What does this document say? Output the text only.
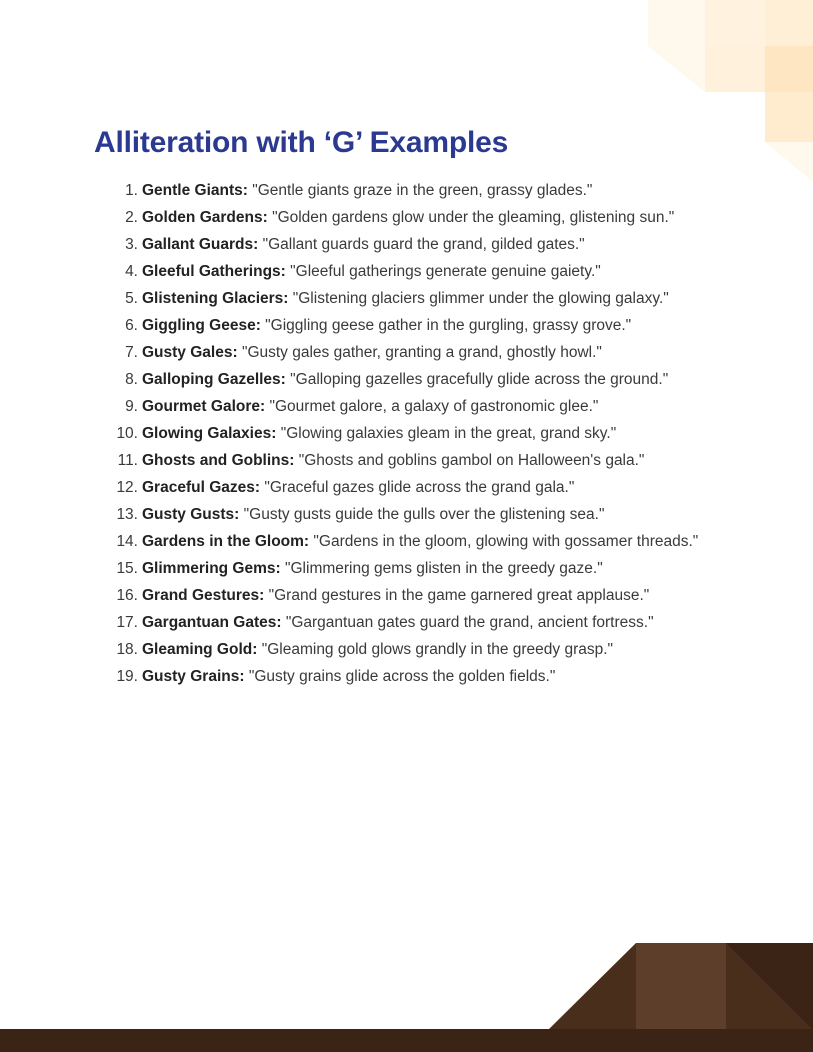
Alliteration with ‘G’ Examples
1. Gentle Giants: "Gentle giants graze in the green, grassy glades."
2. Golden Gardens: "Golden gardens glow under the gleaming, glistening sun."
3. Gallant Guards: "Gallant guards guard the grand, gilded gates."
4. Gleeful Gatherings: "Gleeful gatherings generate genuine gaiety."
5. Glistening Glaciers: "Glistening glaciers glimmer under the glowing galaxy."
6. Giggling Geese: "Giggling geese gather in the gurgling, grassy grove."
7. Gusty Gales: "Gusty gales gather, granting a grand, ghostly howl."
8. Galloping Gazelles: "Galloping gazelles gracefully glide across the ground."
9. Gourmet Galore: "Gourmet galore, a galaxy of gastronomic glee."
10. Glowing Galaxies: "Glowing galaxies gleam in the great, grand sky."
11. Ghosts and Goblins: "Ghosts and goblins gambol on Halloween's gala."
12. Graceful Gazes: "Graceful gazes glide across the grand gala."
13. Gusty Gusts: "Gusty gusts guide the gulls over the glistening sea."
14. Gardens in the Gloom: "Gardens in the gloom, glowing with gossamer threads."
15. Glimmering Gems: "Glimmering gems glisten in the greedy gaze."
16. Grand Gestures: "Grand gestures in the game garnered great applause."
17. Gargantuan Gates: "Gargantuan gates guard the grand, ancient fortress."
18. Gleaming Gold: "Gleaming gold glows grandly in the greedy grasp."
19. Gusty Grains: "Gusty grains glide across the golden fields."
